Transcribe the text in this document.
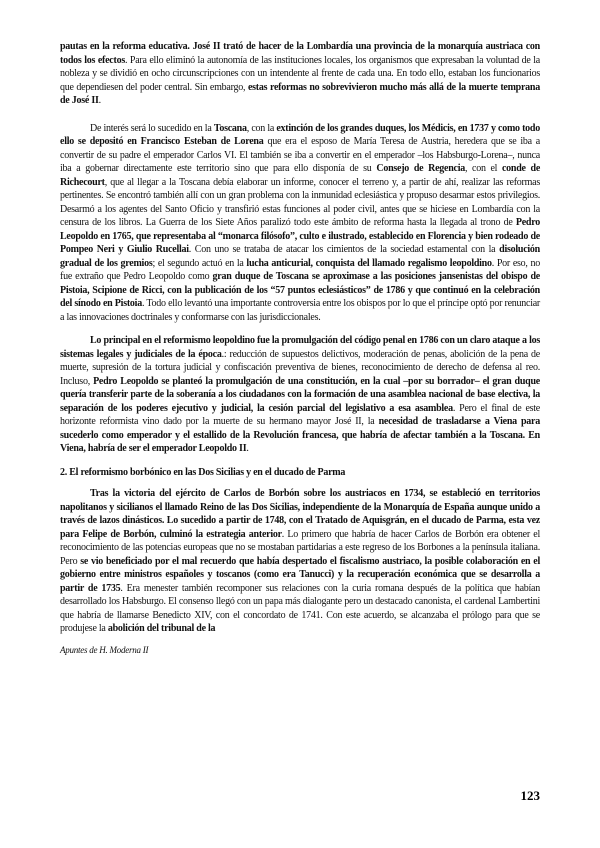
pautas en la reforma educativa. José II trató de hacer de la Lombardía una provincia de la monarquía austriaca con todos los efectos. Para ello eliminó la autonomía de las instituciones locales, los organismos que expresaban la voluntad de la nobleza y se dividió en ocho circunscripciones con un intendente al frente de cada una. En todo ello, estaban los funcionarios que dependiesen del poder central. Sin embargo, estas reformas no sobrevivieron mucho más allá de la muerte temprana de José II.

De interés será lo sucedido en la Toscana, con la extinción de los grandes duques, los Médicis, en 1737 y como todo ello se depositó en Francisco Esteban de Lorena que era el esposo de María Teresa de Austria, heredera que se iba a convertir de su padre el emperador Carlos VI. El también se iba a convertir en el emperador –los Habsburgo-Lorena–, nunca iba a gobernar directamente este territorio sino que para ello disponía de su Consejo de Regencia, con el conde de Richecourt, que al llegar a la Toscana debía elaborar un informe, conocer el terreno y, a partir de ahí, realizar las reformas pertinentes. Se encontró también allí con un gran problema con la inmunidad eclesiástica y propuso desarmar estos privilegios. Desarmó a los agentes del Santo Oficio y transfirió estas funciones al poder civil, antes que se hiciese en Lombardía con la censura de los libros. La Guerra de los Siete Años paralizó todo este ámbito de reforma hasta la llegada al trono de Pedro Leopoldo en 1765, que representaba al “monarca filósofo”, culto e ilustrado, establecido en Florencia y bien rodeado de Pompeo Neri y Giulio Rucellai. Con uno se trataba de atacar los cimientos de la sociedad estamental con la disolución gradual de los gremios; el segundo actuó en la lucha anticurial, conquista del llamado regalismo leopoldino. Por eso, no fue extraño que Pedro Leopoldo como gran duque de Toscana se aproximase a las posiciones jansenistas del obispo de Pistoia, Scipione de Ricci, con la publicación de los “57 puntos eclesiásticos” de 1786 y que continuó en la celebración del sínodo en Pistoia. Todo ello levantó una importante controversia entre los obispos por lo que el príncipe optó por renunciar a las innovaciones doctrinales y conformarse con las jurisdiccionales.

Lo principal en el reformismo leopoldino fue la promulgación del código penal en 1786 con un claro ataque a los sistemas legales y judiciales de la época.: reducción de supuestos delictivos, moderación de penas, abolición de la pena de muerte, supresión de la tortura judicial y confiscación preventiva de bienes, reconocimiento de derecho de defensa al reo. Incluso, Pedro Leopoldo se planteó la promulgación de una constitución, en la cual –por su borrador– el gran duque quería transferir parte de la soberanía a los ciudadanos con la formación de una asamblea nacional de base electiva, la separación de los poderes ejecutivo y judicial, la cesión parcial del legislativo a esa asamblea. Pero el final de este horizonte reformista vino dado por la muerte de su hermano mayor José II, la necesidad de trasladarse a Viena para sucederlo como emperador y el estallido de la Revolución francesa, que habría de afectar también a la Toscana. En Viena, habría de ser el emperador Leopoldo II.

2. El reformismo borbónico en las Dos Sicilias y en el ducado de Parma

Tras la victoria del ejército de Carlos de Borbón sobre los austriacos en 1734, se estableció en territorios napolitanos y sicilianos el llamado Reino de las Dos Sicilias, independiente de la Monarquía de España aunque unido a través de lazos dinásticos. Lo sucedido a partir de 1748, con el Tratado de Aquisgrán, en el ducado de Parma, esta vez para Felipe de Borbón, culminó la estrategia anterior. Lo primero que habría de hacer Carlos de Borbón era obtener el reconocimiento de las potencias europeas que no se mostaban partidarias a este regreso de los Borbones a la península italiana. Pero se vio beneficiado por el mal recuerdo que había despertado el fiscalismo austriaco, la posible colaboración en el gobierno entre ministros españoles y toscanos (como era Tanucci) y la recuperación económica que se desarrolla a partir de 1735. Era menester también recomponer sus relaciones con la curia romana después de la política que habían desarrollado los Habsburgo. El consenso llegó con un papa más dialogante pero un destacado canonista, el cardenal Lambertini que habría de llamarse Benedicto XIV, con el concordato de 1741. Con este acuerdo, se alcanzaba el prólogo para que se produjese la abolición del tribunal de la

Apuntes de H. Moderna II
123
